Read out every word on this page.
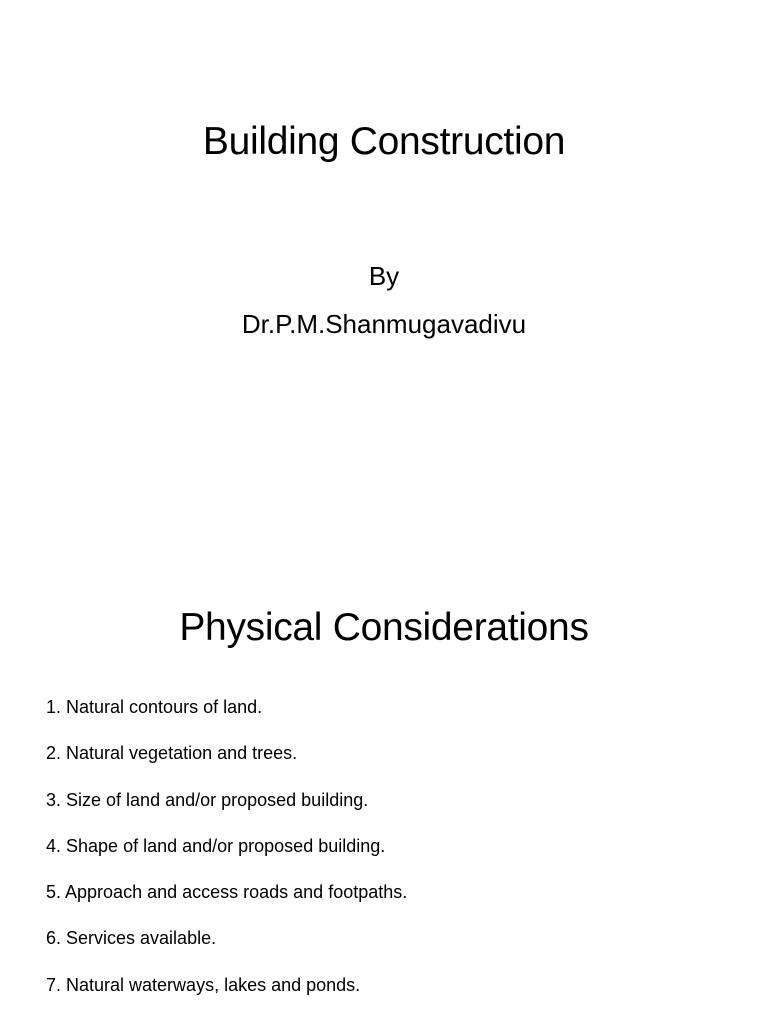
Building Construction
By
Dr.P.M.Shanmugavadivu
Physical Considerations
1. Natural contours of land.
2. Natural vegetation and trees.
3. Size of land and/or proposed building.
4. Shape of land and/or proposed building.
5. Approach and access roads and footpaths.
6. Services available.
7. Natural waterways, lakes and ponds.
